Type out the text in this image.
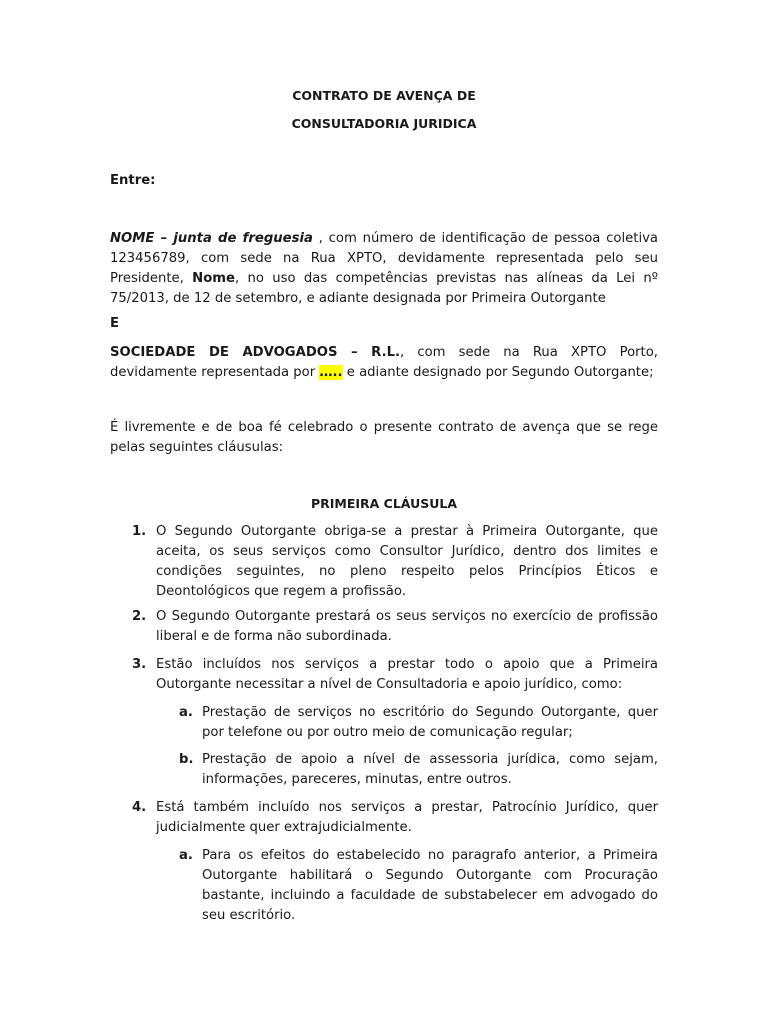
CONTRATO DE AVENÇA DE
CONSULTADORIA JURIDICA
Entre:
NOME – junta de freguesia , com número de identificação de pessoa coletiva 123456789, com sede na Rua XPTO, devidamente representada pelo seu Presidente, Nome, no uso das competências previstas nas alíneas da Lei nº 75/2013, de 12 de setembro, e adiante designada por Primeira Outorgante
E
SOCIEDADE DE ADVOGADOS – R.L., com sede na Rua XPTO Porto, devidamente representada por ….. e adiante designado por Segundo Outorgante;
É livremente e de boa fé celebrado o presente contrato de avença que se rege pelas seguintes cláusulas:
PRIMEIRA CLÁUSULA
1. O Segundo Outorgante obriga-se a prestar à Primeira Outorgante, que aceita, os seus serviços como Consultor Jurídico, dentro dos limites e condições seguintes, no pleno respeito pelos Princípios Éticos e Deontológicos que regem a profissão.
2. O Segundo Outorgante prestará os seus serviços no exercício de profissão liberal e de forma não subordinada.
3. Estão incluídos nos serviços a prestar todo o apoio que a Primeira Outorgante necessitar a nível de Consultadoria e apoio jurídico, como:
a. Prestação de serviços no escritório do Segundo Outorgante, quer por telefone ou por outro meio de comunicação regular;
b. Prestação de apoio a nível de assessoria jurídica, como sejam, informações, pareceres, minutas, entre outros.
4. Está também incluído nos serviços a prestar, Patrocínio Jurídico, quer judicialmente quer extrajudicialmente.
a. Para os efeitos do estabelecido no paragrafo anterior, a Primeira Outorgante habilitará o Segundo Outorgante com Procuração bastante, incluindo a faculdade de substabelecer em advogado do seu escritório.
